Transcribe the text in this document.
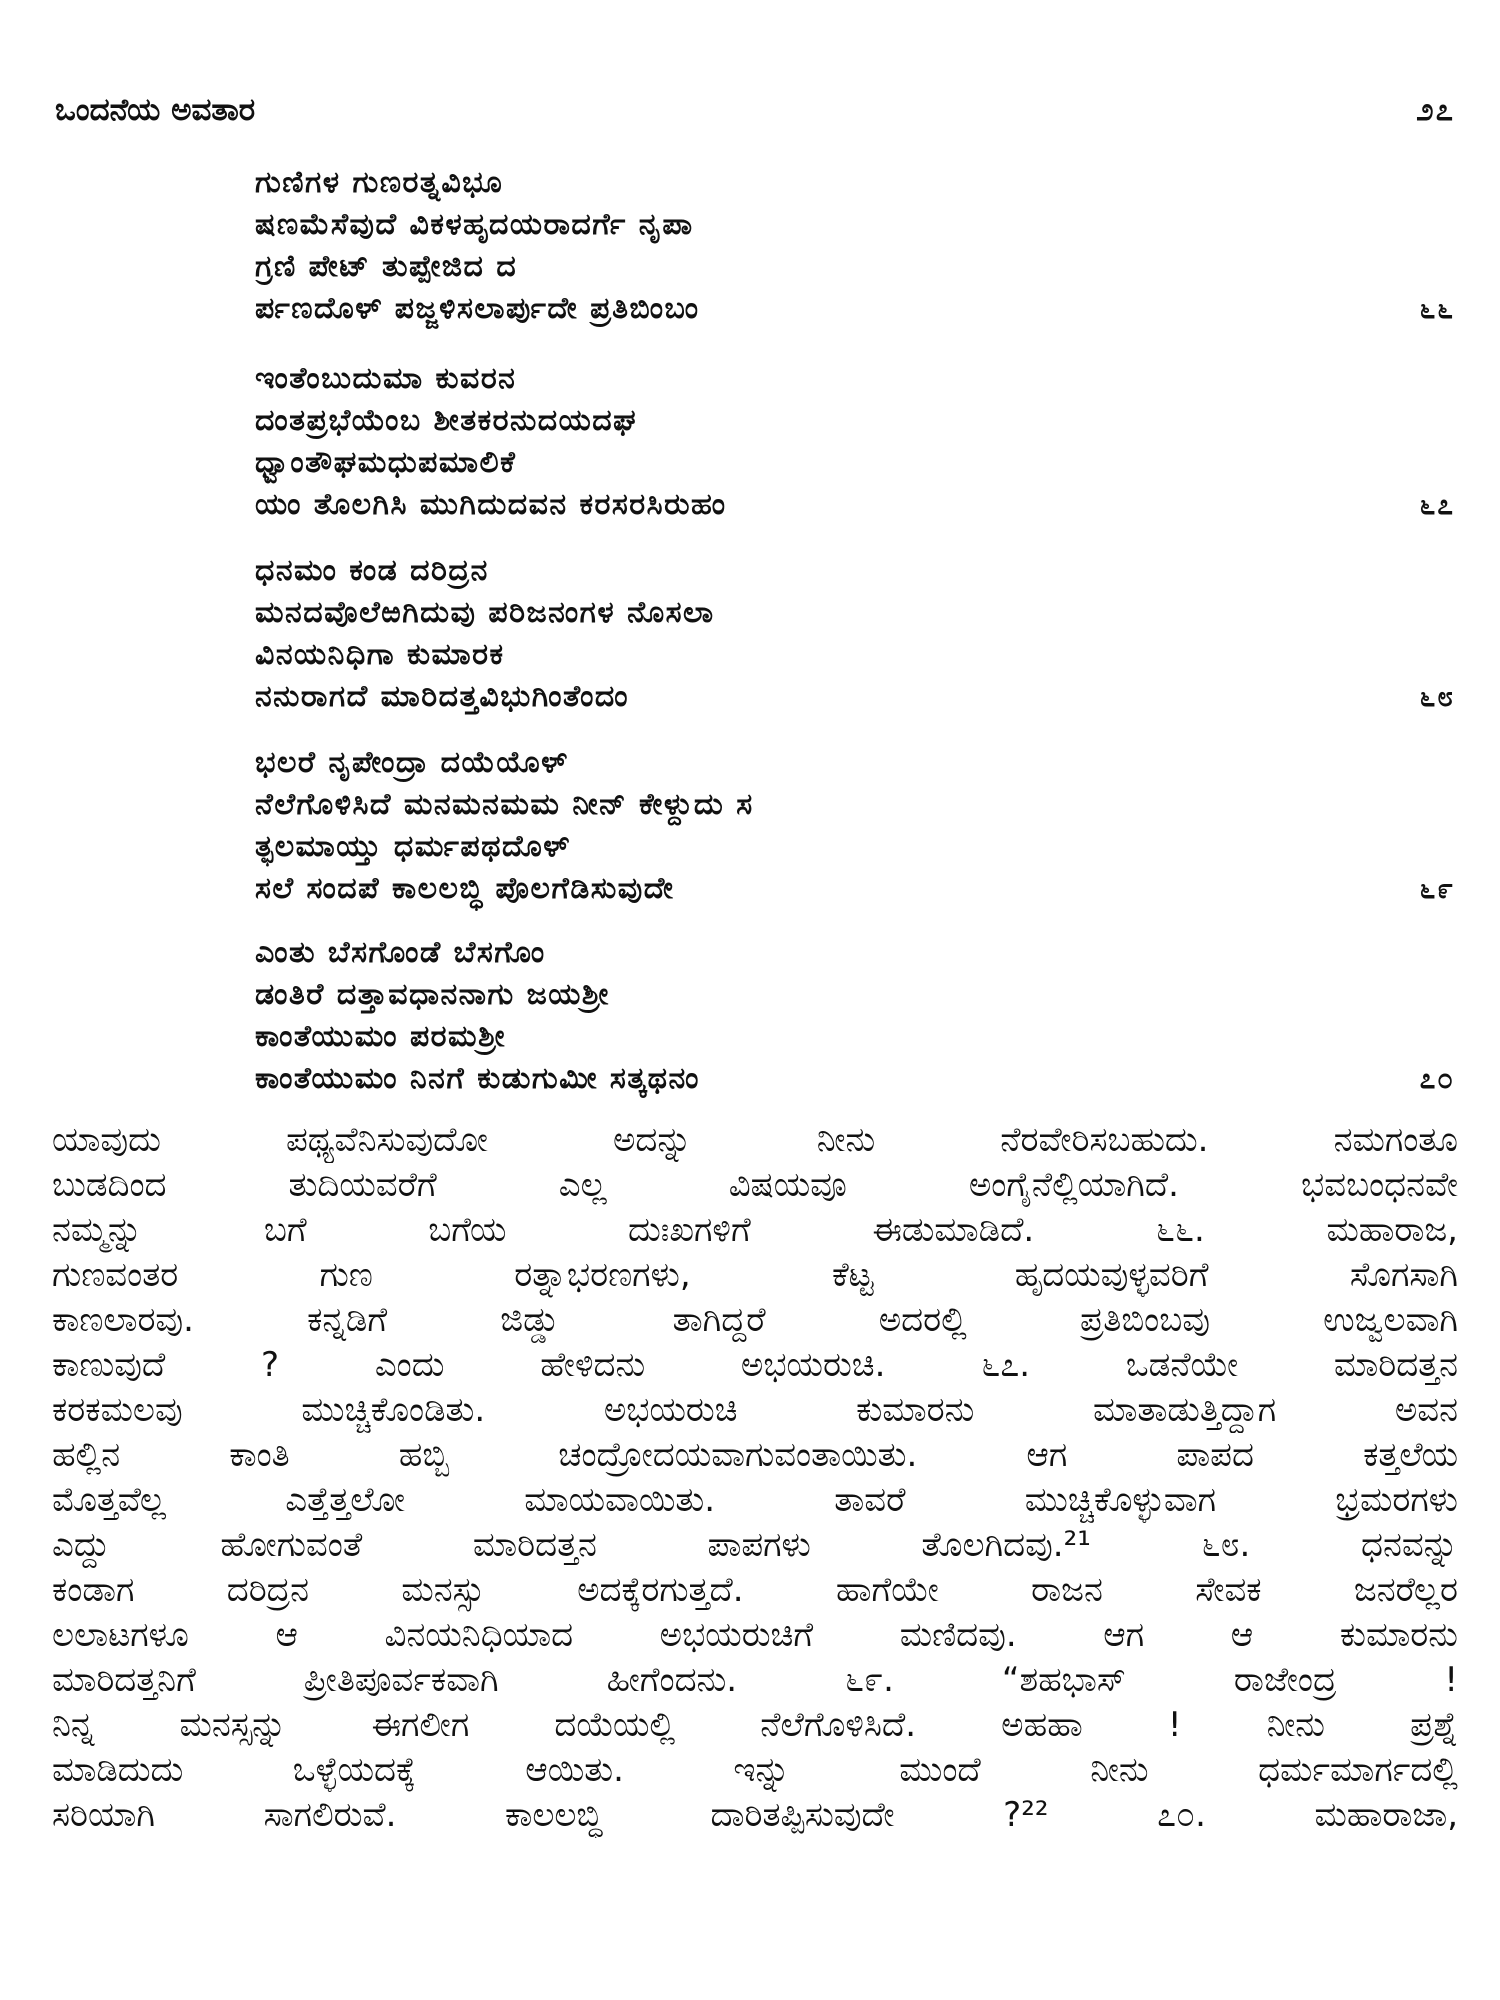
ಒಂದನೆಯ ಅವತಾರ	೨೭
ಗುಣಿಗಳ ಗುಣರತ್ನವಿಭೂ
ಷಣಮೆಸೆವುದೆ ವಿಕಳಹೃದಯರಾದರ್ಗೆ ನೃಪಾ
ಗ್ರಣಿ ಪೇಟ್ ತುಪ್ಪೇಜಿದ ದ
ರ್ಪಣದೊಳ್ ಪಜ್ಜಳಿಸಲಾರ್ಪುದೇ ಪ್ರತಿಬಿಂಬಂ	೬೬
ಇಂತೆಂಬುದುಮಾ ಕುವರನ
ದಂತಪ್ರಭೆಯೆಂಬ ಶೀತಕರನುದಯದಘ
ಧ್ವಾಂತೌಘಮಧುಪಮಾಲಿಕೆ
ಯಂ ತೊಲಗಿಸಿ ಮುಗಿದುದವನ ಕರಸರಸಿರುಹಂ	೬೭
ಧನಮಂ ಕಂಡ ದರಿದ್ರನ
ಮನದವೊಲೆಱಗಿದುವು ಪರಿಜನಂಗಳ ನೊಸಲಾ
ವಿನಯನಿಧಿಗಾ ಕುಮಾರಕ
ನನುರಾಗದೆ ಮಾರಿದತ್ತವಿಭುಗಿಂತೆಂದಂ	೬೮
ಭಲರೆ ನೃಪೇಂದ್ರಾ ದಯೆಯೊಳ್
ನೆಲೆಗೊಳಿಸಿದೆ ಮನಮನಮಮ ನೀನ್ ಕೇಳ್ದುದು ಸ
ತ್ಫಲಮಾಯ್ತು ಧರ್ಮಪಥದೊಳ್
ಸಲೆ ಸಂದಪೆ ಕಾಲಲಬ್ಧಿ ಪೊಲಗೆಡಿಸುವುದೇ	೬೯
ಎಂತು ಬೆಸಗೊಂಡೆ ಬೆಸಗೊಂ
ಡಂತಿರೆ ದತ್ತಾವಧಾನನಾಗು ಜಯಶ್ರೀ
ಕಾಂತೆಯುಮಂ ಪರಮಶ್ರೀ
ಕಾಂತೆಯುಮಂ ನಿನಗೆ ಕುಡುಗುಮೀ ಸತ್ಕಥನಂ	೭೦
ಯಾವುದು ಪಥ್ಯವೆನಿಸುವುದೋ ಅದನ್ನು ನೀನು ನೆರವೇರಿಸಬಹುದು. ನಮಗಂತೂ
ಬುಡದಿಂದ ತುದಿಯವರೆಗೆ ಎಲ್ಲ ವಿಷಯವೂ ಅಂಗೈನೆಲ್ಲಿಯಾಗಿದೆ. ಭವಬಂಧನವೇ
ನಮ್ಮನ್ನು ಬಗೆ ಬಗೆಯ ದುಃಖಗಳಿಗೆ ಈಡುಮಾಡಿದೆ. ೬೬. ಮಹಾರಾಜ,
ಗುಣವಂತರ ಗುಣ ರತ್ನಾಭರಣಗಳು, ಕೆಟ್ಟ ಹೃದಯವುಳ್ಳವರಿಗೆ ಸೊಗಸಾಗಿ
ಕಾಣಲಾರವು. ಕನ್ನಡಿಗೆ ಜಿಡ್ಡು ತಾಗಿದ್ದರೆ ಅದರಲ್ಲಿ ಪ್ರತಿಬಿಂಬವು ಉಜ್ವಲವಾಗಿ
ಕಾಣುವುದೆ ? ಎಂದು ಹೇಳಿದನು ಅಭಯರುಚಿ. ೬೭. ಒಡನೆಯೇ ಮಾರಿದತ್ತನ
ಕರಕಮಲವು ಮುಚ್ಚಿಕೊಂಡಿತು. ಅಭಯರುಚಿ ಕುಮಾರನು ಮಾತಾಡುತ್ತಿದ್ದಾಗ ಅವನ
ಹಲ್ಲಿನ ಕಾಂತಿ ಹಬ್ಬಿ ಚಂದ್ರೋದಯವಾಗುವಂತಾಯಿತು. ಆಗ ಪಾಪದ ಕತ್ತಲೆಯ
ಮೊತ್ತವೆಲ್ಲ ಎತ್ತೆತ್ತಲೋ ಮಾಯವಾಯಿತು. ತಾವರೆ ಮುಚ್ಚಿಕೊಳ್ಳುವಾಗ ಭ್ರಮರಗಳು
ಎದ್ದು ಹೋಗುವಂತೆ ಮಾರಿದತ್ತನ ಪಾಪಗಳು ತೊಲಗಿದವು.²¹ ೬೮. ಧನವನ್ನು
ಕಂಡಾಗ ದರಿದ್ರನ ಮನಸ್ಸು ಅದಕ್ಕೆರಗುತ್ತದೆ. ಹಾಗೆಯೇ ರಾಜನ ಸೇವಕ ಜನರೆಲ್ಲರ
ಲಲಾಟಗಳೂ ಆ ವಿನಯನಿಧಿಯಾದ ಅಭಯರುಚಿಗೆ ಮಣಿದವು. ಆಗ ಆ ಕುಮಾರನು
ಮಾರಿದತ್ತನಿಗೆ ಪ್ರೀತಿಪೂರ್ವಕವಾಗಿ ಹೀಗೆಂದನು. ೬೯. “ಶಹಭಾಸ್ ರಾಜೇಂದ್ರ !
ನಿನ್ನ ಮನಸ್ಸನ್ನು ಈಗಲೀಗ ದಯೆಯಲ್ಲಿ ನೆಲೆಗೊಳಿಸಿದೆ. ಅಹಹಾ ! ನೀನು ಪ್ರಶ್ನೆ
ಮಾಡಿದುದು ಒಳ್ಳೆಯದಕ್ಕೆ ಆಯಿತು. ಇನ್ನು ಮುಂದೆ ನೀನು ಧರ್ಮಮಾರ್ಗದಲ್ಲಿ
ಸರಿಯಾಗಿ ಸಾಗಲಿರುವೆ. ಕಾಲಲಬ್ಧಿ ದಾರಿತಪ್ಪಿಸುವುದೇ ?²² ೭೦. ಮಹಾರಾಜಾ,
